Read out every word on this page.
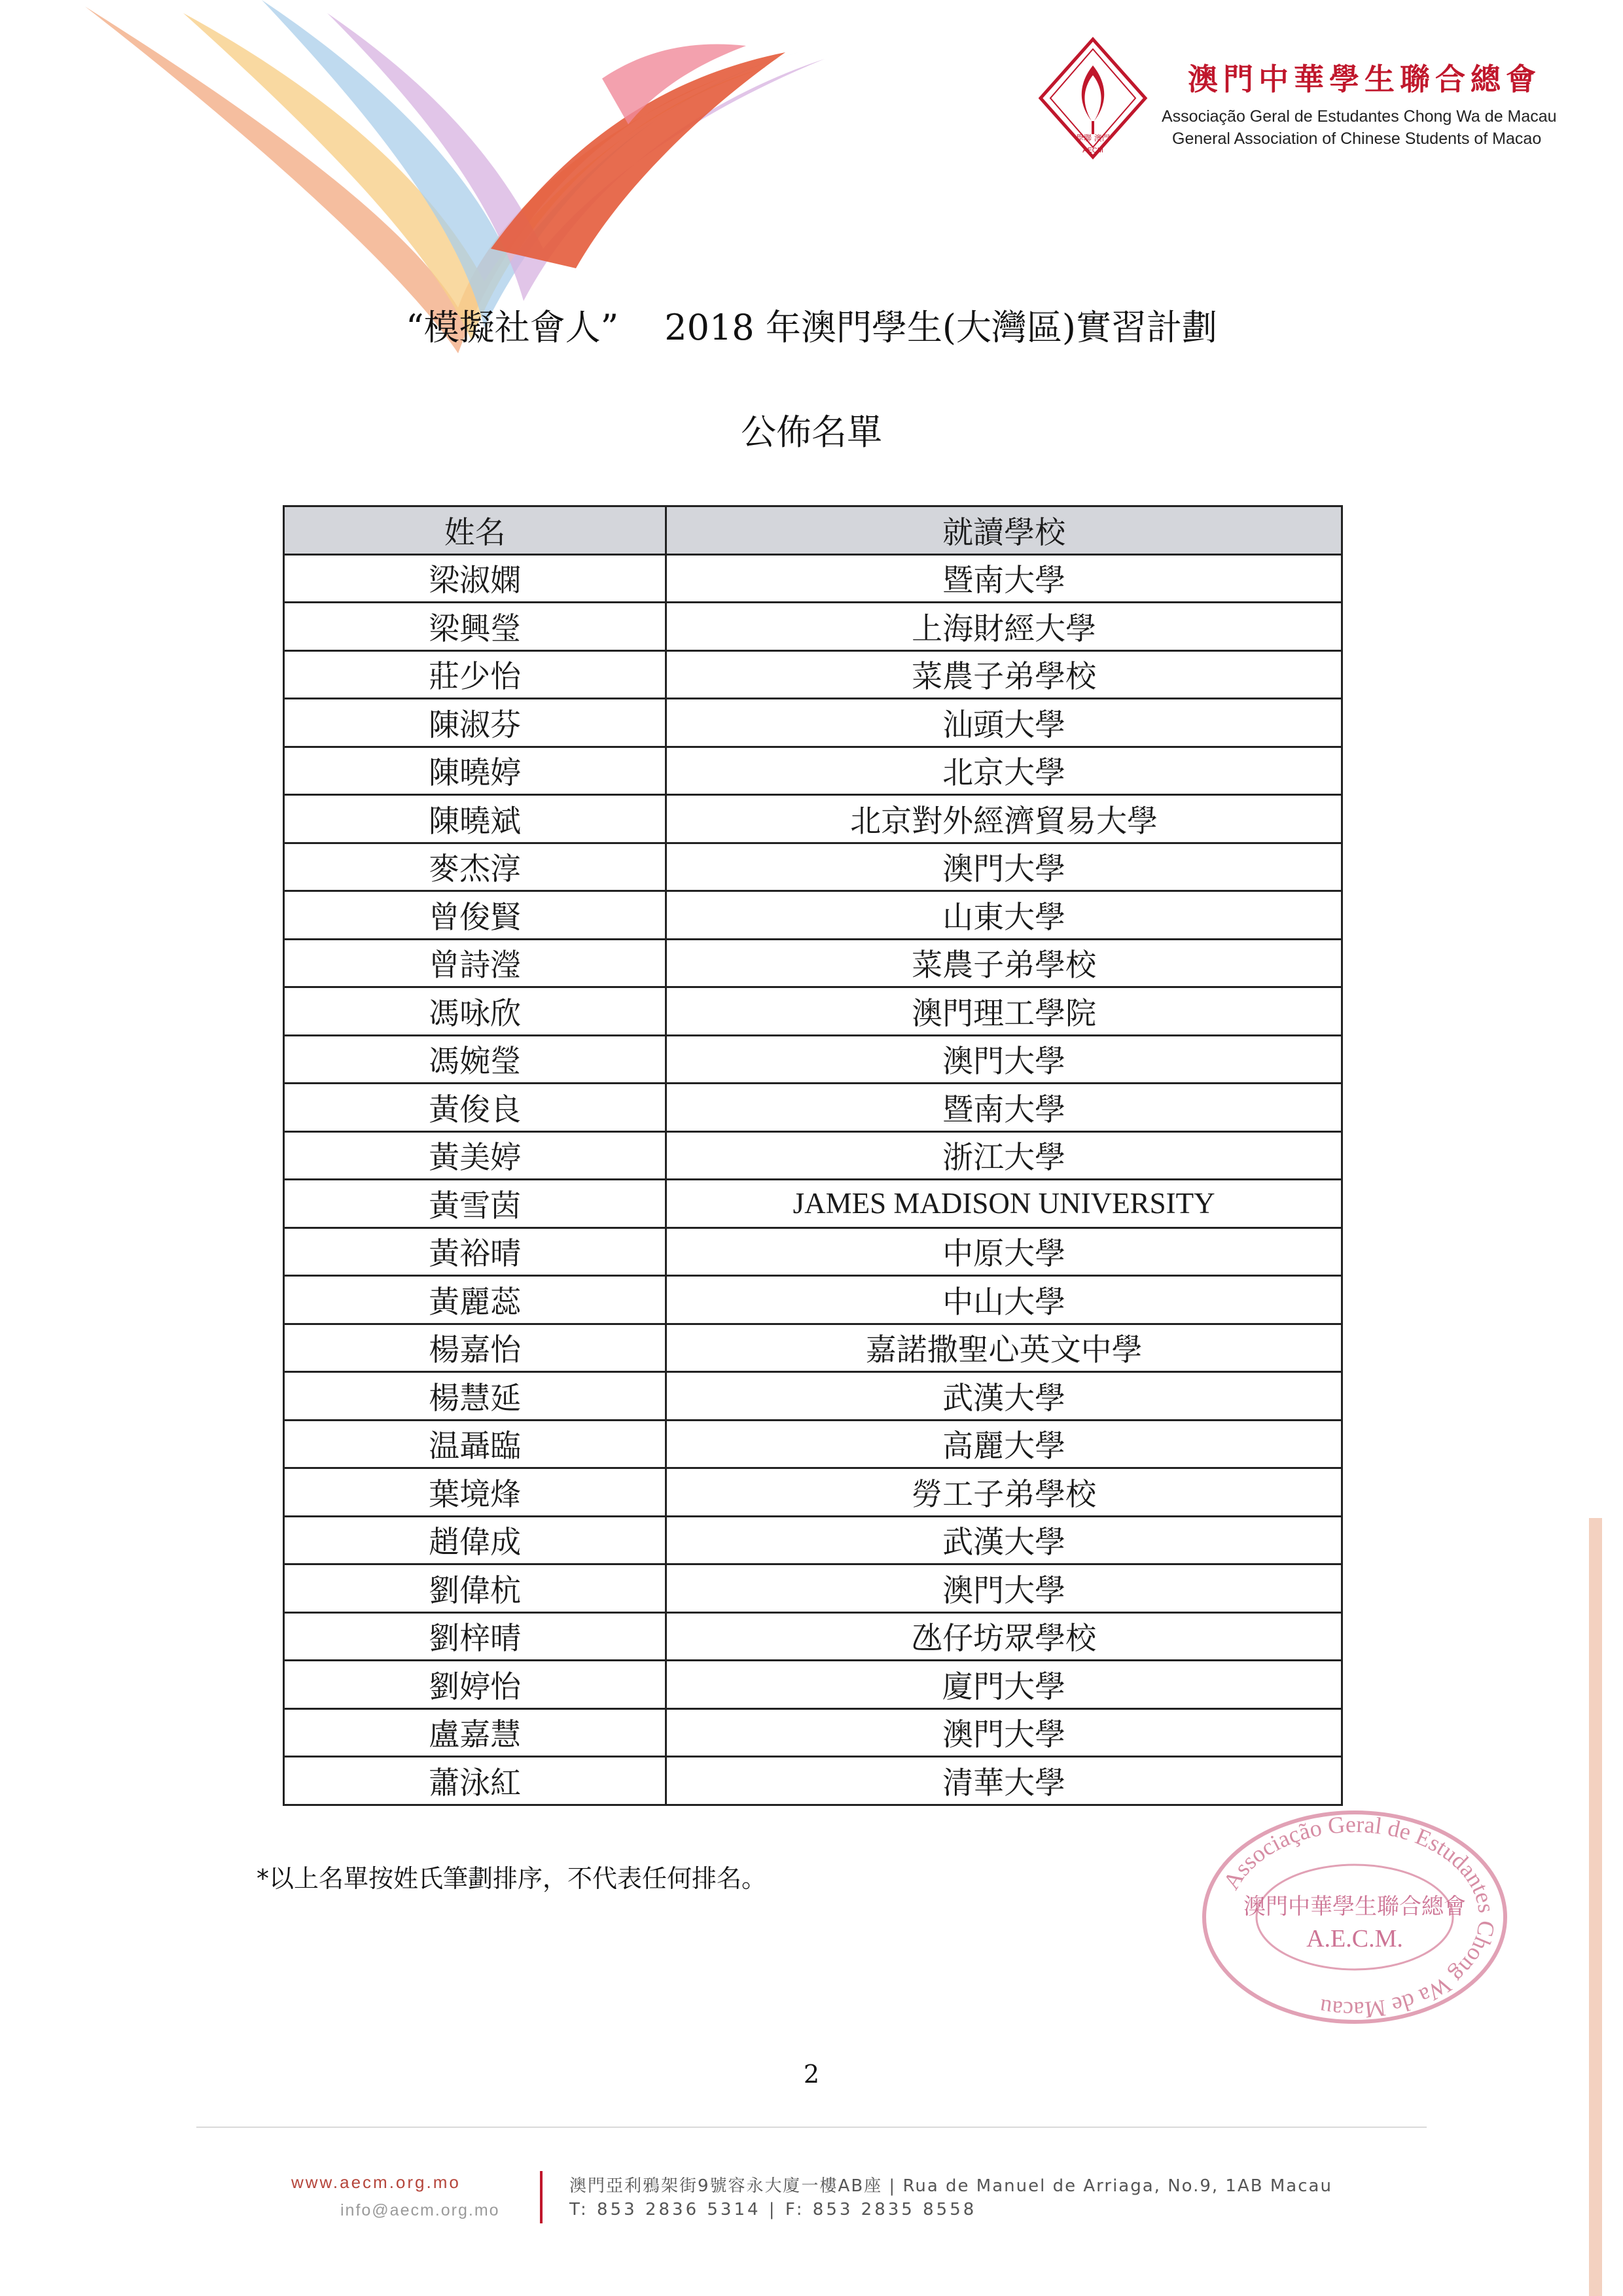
學聯 澳門
AECM
澳門中華學生聯合總會
Associação Geral de Estudantes Chong Wa de Macau
General Association of Chinese Students of Macao
“模擬社會人” 2018 年澳門學生(大灣區)實習計劃
公佈名單
姓名	就讀學校
梁淑嫻	暨南大學
梁興瑩	上海財經大學
莊少怡	菜農子弟學校
陳淑芬	汕頭大學
陳曉婷	北京大學
陳曉斌	北京對外經濟貿易大學
麥杰淳	澳門大學
曾俊賢	山東大學
曾詩瀅	菜農子弟學校
馮咏欣	澳門理工學院
馮婉瑩	澳門大學
黃俊良	暨南大學
黃美婷	浙江大學
黃雪茵	JAMES MADISON UNIVERSITY
黃裕晴	中原大學
黃麗蕊	中山大學
楊嘉怡	嘉諾撒聖心英文中學
楊慧延	武漢大學
温聶臨	高麗大學
葉境烽	勞工子弟學校
趙偉成	武漢大學
劉偉杭	澳門大學
劉梓晴	氹仔坊眾學校
劉婷怡	廈門大學
盧嘉慧	澳門大學
蕭泳紅	清華大學
*以上名單按姓氏筆劃排序，不代表任何排名。	Associação Geral de Estudantes Chong Wa de Macau
澳門中華學生聯合總會
A.E.C.M.
2
www.aecm.org.mo
info@aecm.org.mo
澳門亞利鴉架街9號容永大廈一樓AB座 | Rua de Manuel de Arriaga, No.9, 1AB Macau
T: 853 2836 5314 | F: 853 2835 8558
